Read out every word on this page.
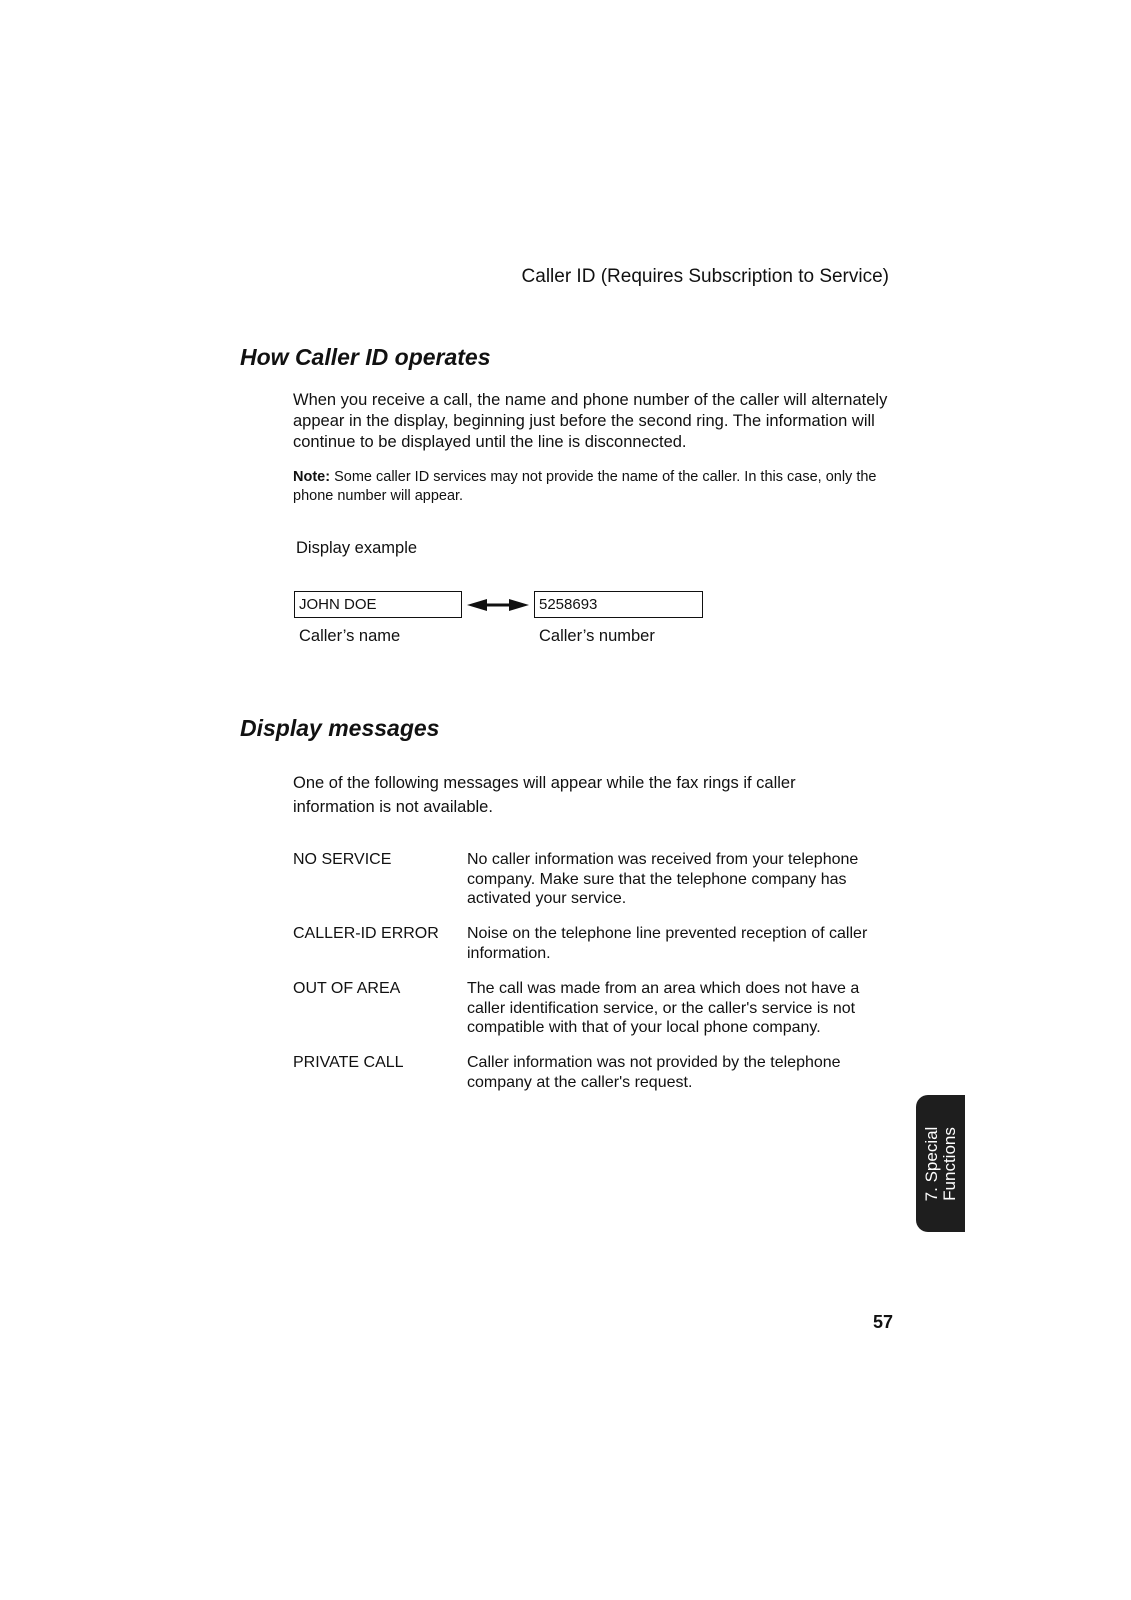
Caller ID (Requires Subscription to Service)
How Caller ID operates
When you receive a call, the name and phone number of the caller will alternately appear in the display, beginning just before the second ring. The information will continue to be displayed until the line is disconnected.
Note: Some caller ID services may not provide the name of the caller. In this case, only the phone number will appear.
Display example
JOHN DOE	5258693
Caller’s name	Caller’s number
Display messages
One of the following messages will appear while the fax rings if caller
information is not available.
NO SERVICE	No caller information was received from your telephone company. Make sure that the telephone company has activated your service.
CALLER-ID ERROR	Noise on the telephone line prevented reception of caller information.
OUT OF AREA	The call was made from an area which does not have a caller identification service, or the caller's service is not compatible with that of your local phone company.
PRIVATE CALL	Caller information was not provided by the telephone company at the caller's request.
7. Special Functions
57
